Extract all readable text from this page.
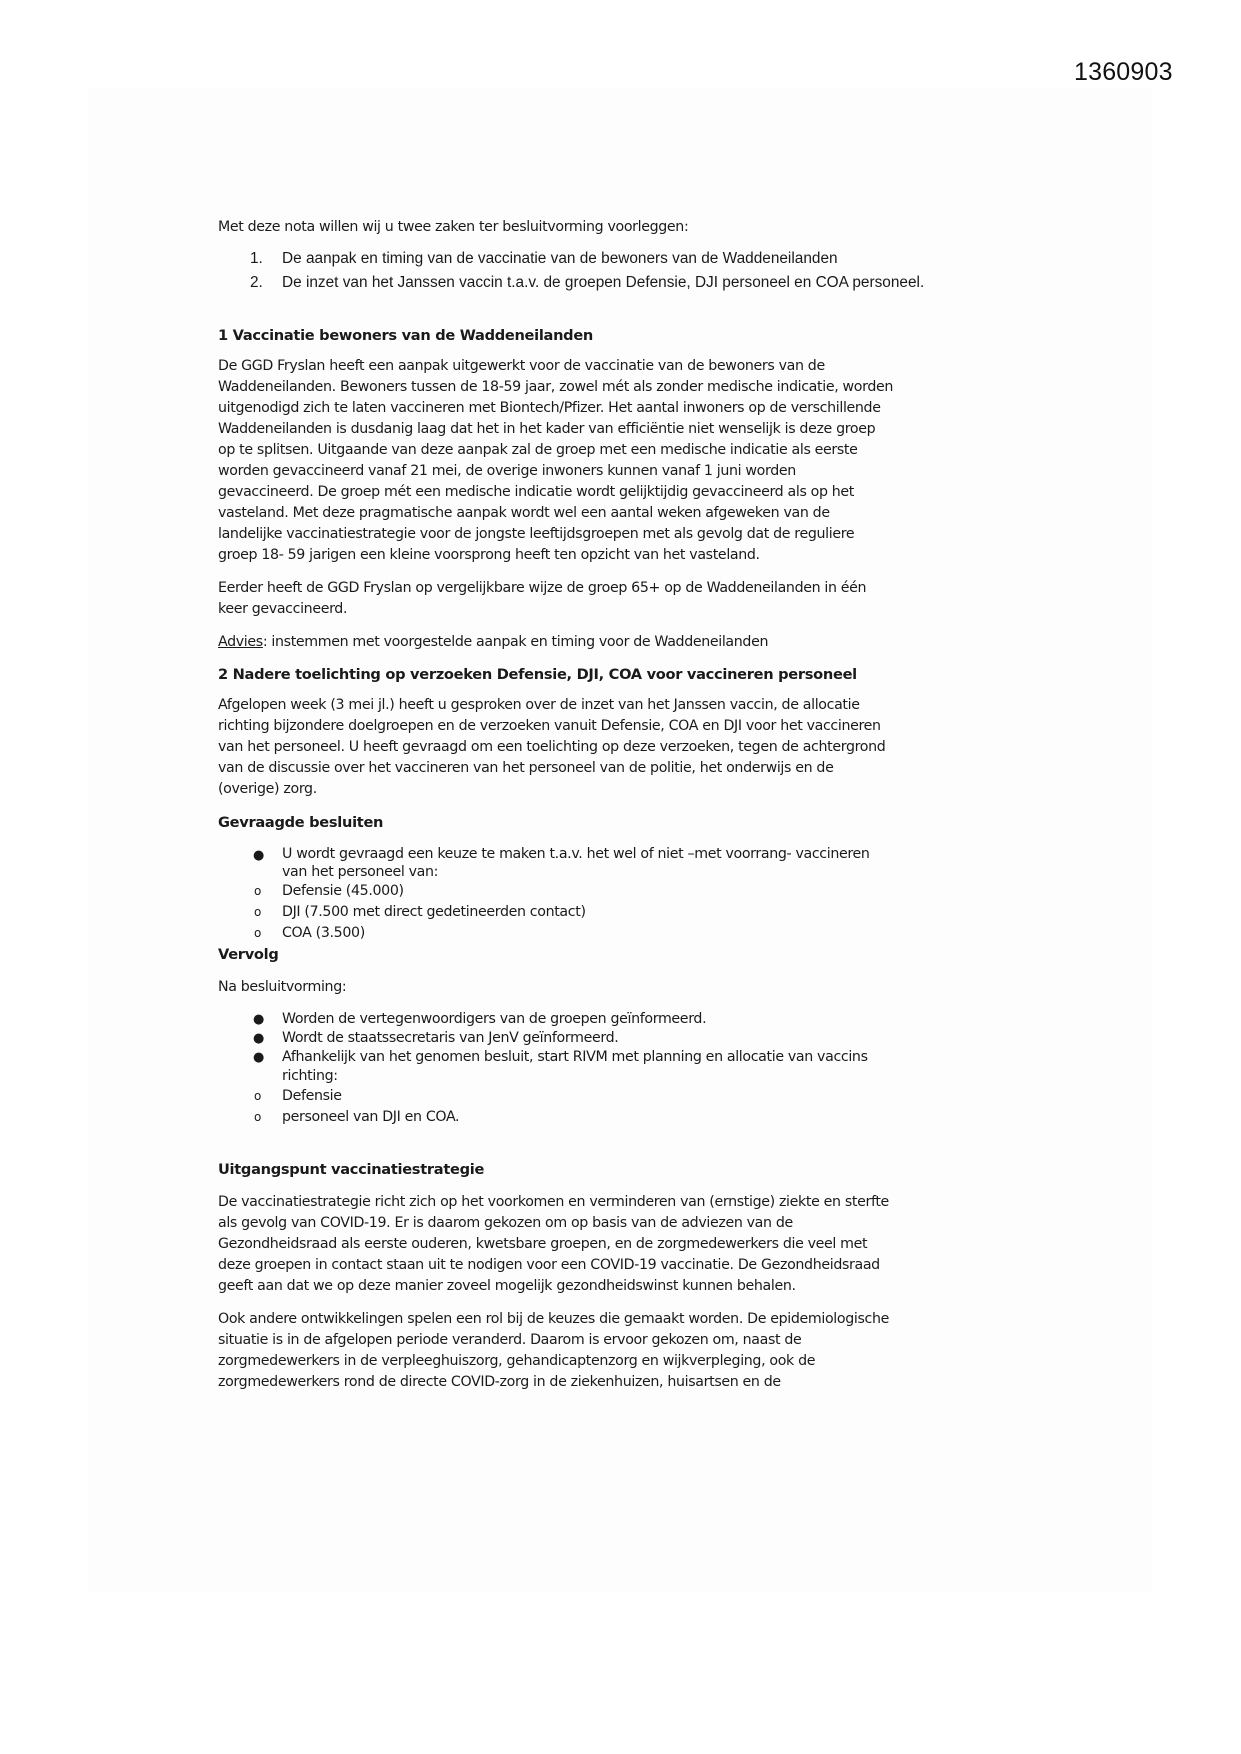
1360903

Met deze nota willen wij u twee zaken ter besluitvorming voorleggen:

1. De aanpak en timing van de vaccinatie van de bewoners van de Waddeneilanden
2. De inzet van het Janssen vaccin t.a.v. de groepen Defensie, DJI personeel en COA personeel.
1 Vaccinatie bewoners van de Waddeneilanden
De GGD Fryslan heeft een aanpak uitgewerkt voor de vaccinatie van de bewoners van de
Waddeneilanden. Bewoners tussen de 18-59 jaar, zowel mét als zonder medische indicatie, worden
uitgenodigd zich te laten vaccineren met Biontech/Pfizer. Het aantal inwoners op de verschillende
Waddeneilanden is dusdanig laag dat het in het kader van efficiëntie niet wenselijk is deze groep
op te splitsen. Uitgaande van deze aanpak zal de groep met een medische indicatie als eerste
worden gevaccineerd vanaf 21 mei, de overige inwoners kunnen vanaf 1 juni worden
gevaccineerd. De groep mét een medische indicatie wordt gelijktijdig gevaccineerd als op het
vasteland. Met deze pragmatische aanpak wordt wel een aantal weken afgeweken van de
landelijke vaccinatiestrategie voor de jongste leeftijdsgroepen met als gevolg dat de reguliere
groep 18- 59 jarigen een kleine voorsprong heeft ten opzicht van het vasteland.
Eerder heeft de GGD Fryslan op vergelijkbare wijze de groep 65+ op de Waddeneilanden in één
keer gevaccineerd.

Advies: instemmen met voorgestelde aanpak en timing voor de Waddeneilanden

2 Nadere toelichting op verzoeken Defensie, DJI, COA voor vaccineren personeel
Afgelopen week (3 mei jl.) heeft u gesproken over de inzet van het Janssen vaccin, de allocatie
richting bijzondere doelgroepen en de verzoeken vanuit Defensie, COA en DJI voor het vaccineren
van het personeel. U heeft gevraagd om een toelichting op deze verzoeken, tegen de achtergrond
van de discussie over het vaccineren van het personeel van de politie, het onderwijs en de
(overige) zorg.
Gevraagde besluiten
● U wordt gevraagd een keuze te maken t.a.v. het wel of niet –met voorrang- vaccineren
van het personeel van:
o Defensie (45.000)
o DJI (7.500 met direct gedetineerden contact)
o COA (3.500)
Vervolg

Na besluitvorming:

● Worden de vertegenwoordigers van de groepen geïnformeerd.
● Wordt de staatssecretaris van JenV geïnformeerd.
● Afhankelijk van het genomen besluit, start RIVM met planning en allocatie van vaccins
richting:
o Defensie
o personeel van DJI en COA.
Uitgangspunt vaccinatiestrategie
De vaccinatiestrategie richt zich op het voorkomen en verminderen van (ernstige) ziekte en sterfte
als gevolg van COVID-19. Er is daarom gekozen om op basis van de adviezen van de
Gezondheidsraad als eerste ouderen, kwetsbare groepen, en de zorgmedewerkers die veel met
deze groepen in contact staan uit te nodigen voor een COVID-19 vaccinatie. De Gezondheidsraad
geeft aan dat we op deze manier zoveel mogelijk gezondheidswinst kunnen behalen.
Ook andere ontwikkelingen spelen een rol bij de keuzes die gemaakt worden. De epidemiologische
situatie is in de afgelopen periode veranderd. Daarom is ervoor gekozen om, naast de
zorgmedewerkers in de verpleeghuiszorg, gehandicaptenzorg en wijkverpleging, ook de
zorgmedewerkers rond de directe COVID-zorg in de ziekenhuizen, huisartsen en de
